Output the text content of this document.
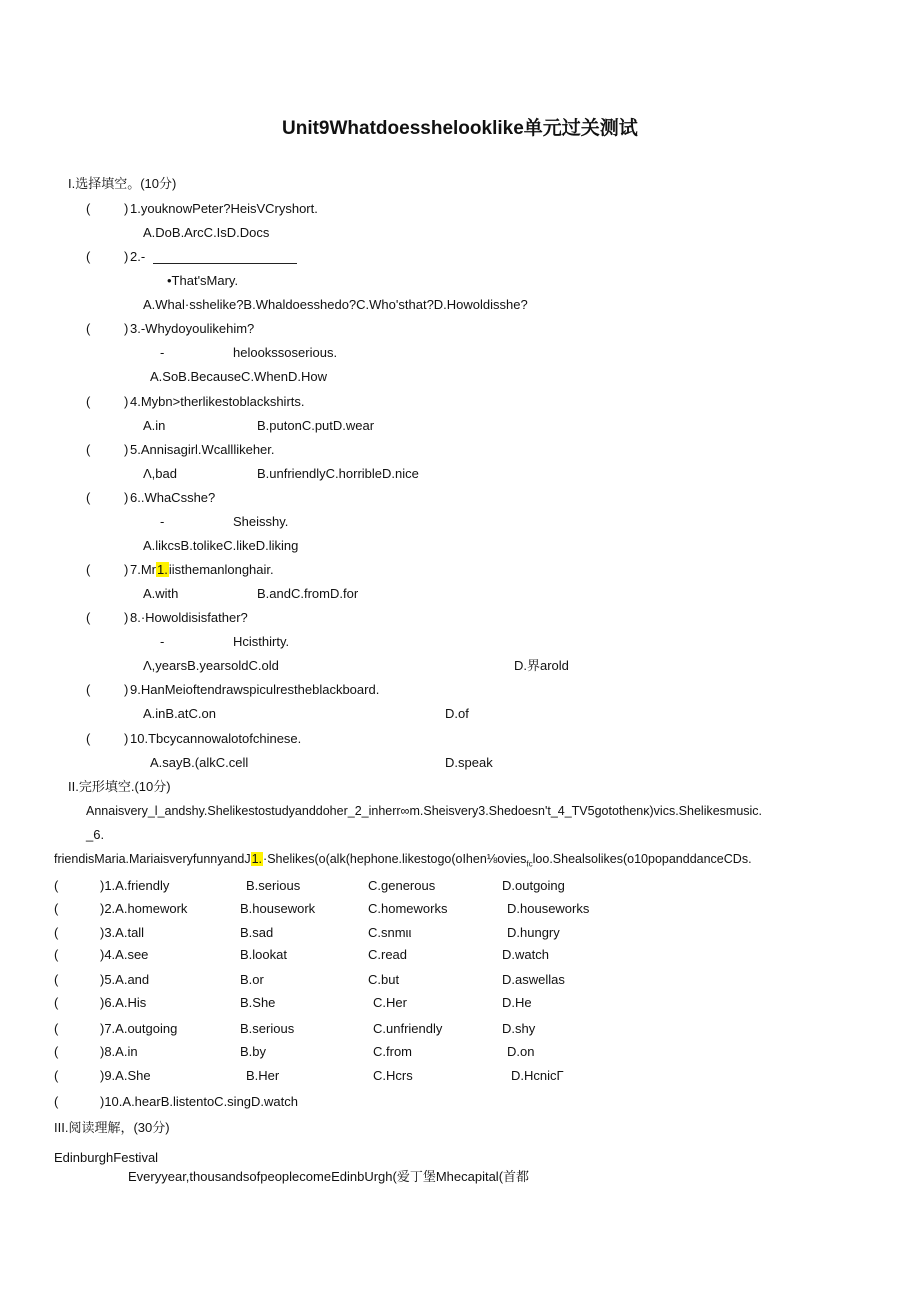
Unit9Whatdoesshelooklike单元过关测试
I.选择填空。(10分)
(	1.youknowPeter?HeisVCryshort.
A.DoB.ArcC.IsD.Docs
(	2.-
•That'sMary.
A.Whal·sshelike?B.Whaldoesshedo?C.Who'sthat?D.Howoldisshe?
(	3.-Whydoyoulikehim?
-	helookssoserious.
A.SoB.BecauseC.WhenD.How
(	4.Mybn>therlikestoblackshirts.
A.in	B.putonC.putD.wear
(	5.Annisagirl.Wcalllikeher.
Λ,bad	B.unfriendlyC.horribleD.nice
(	6..WhaCsshe?
-	Sheisshy.
A.likcsB.tolikeC.likeD.liking
(	7.Mr1.iisthemanlonghair.
A.with	B.andC.fromD.for
(	8.·Howoldisisfather?
-	Hcisthirty.
Λ,yearsB.yearsoldC.old	D.界arold
(	9.HanMeioftendrawspiculrestheblackboard.
A.inB.atC.on	D.of
(	10.Tbcycannowalotofchinese.
A.sayB.(alkC.cell	D.speak
II.完形填空.(10分)
Annaisvery_l_andshy.Shelikestostudyanddoher_2_inherr∞m.Sheisvery3.Shedoesn't_4_TV5gotothenκ)vics.Shelikesmusic.
_6.
friendisMaria.MariaisveryfunnyandJ1.·Shelikes(o(alk(hephone.likestogo(oIhen⅛ovies$_{fc}$loo.Shealsolikes(o10popanddanceCDs.
(	)1.A.friendly	B.serious	C.generous	D.outgoing
(	)2.A.homework	B.housework	C.homeworks	D.houseworks
(	)3.A.tall	B.sad	C.snmιι	D.hungry
(	)4.A.see	B.lookat	C.read	D.watch
(	)5.A.and	B.or	C.but	D.aswellas
(	)6.A.His	B.She	C.Her	D.He
(	)7.A.outgoing	B.serious	C.unfriendly	D.shy
(	)8.A.in	B.by	C.from	D.on
(	)9.A.She	B.Her	C.Hcrs	D.HcnicΓ
(	)10.A.hearB.listentoC.singD.watch
III.阅读理解，(30分)
EdinburghFestival
Everyyear,thousandsofpeoplecomeEdinbUrgh(爱丁堡Mhecapital(首都
)
)
)
)
)
)
)
)
)
)
